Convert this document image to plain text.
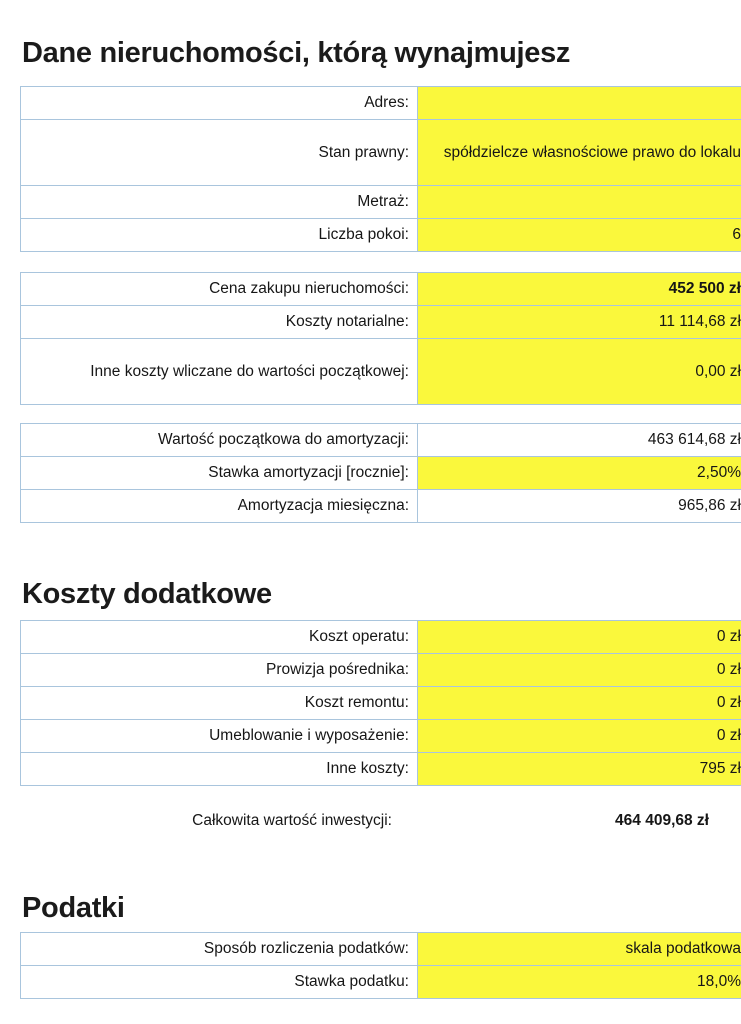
Dane nieruchomości, którą wynajmujesz
Adres:	
Stan prawny:	spółdzielcze własnościowe prawo do lokalu
Metraż:	
Liczba pokoi:	6
Cena zakupu nieruchomości:	452 500 zł
Koszty notarialne:	11 114,68 zł
Inne koszty wliczane do wartości początkowej:	0,00 zł
Wartość początkowa do amortyzacji:	463 614,68 zł
Stawka amortyzacji [rocznie]:	2,50%
Amortyzacja miesięczna:	965,86 zł
Koszty dodatkowe
Koszt operatu:	0 zł
Prowizja pośrednika:	0 zł
Koszt remontu:	0 zł
Umeblowanie i wyposażenie:	0 zł
Inne koszty:	795 zł
Całkowita wartość inwestycji:	464 409,68 zł
Podatki
Sposób rozliczenia podatków:	skala podatkowa
Stawka podatku:	18,0%
